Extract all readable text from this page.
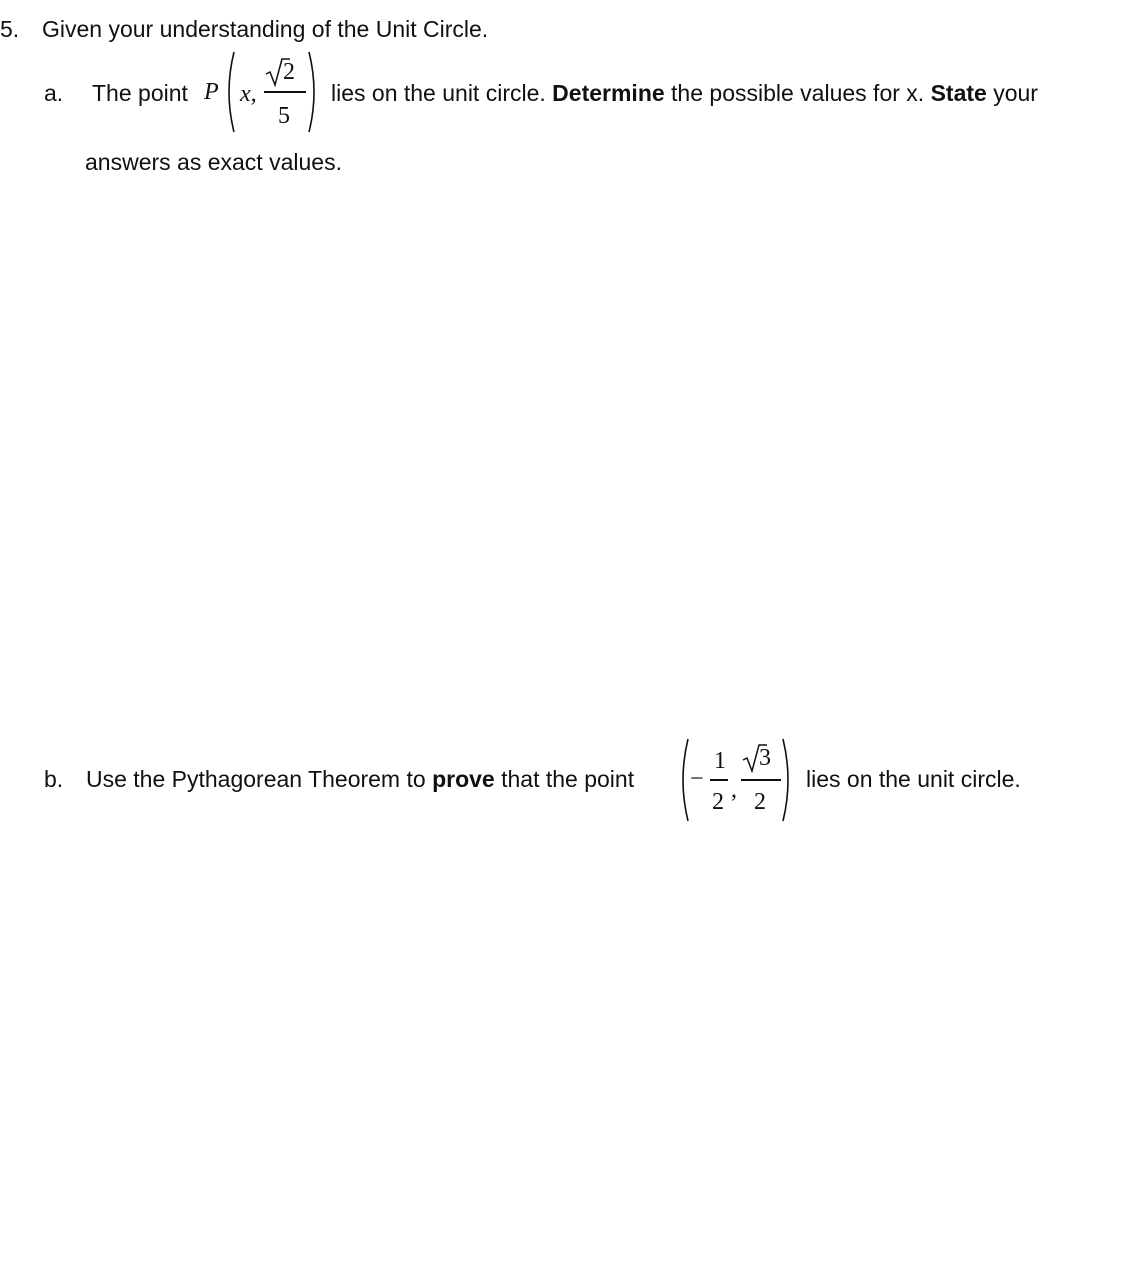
5. Given your understanding of the Unit Circle.
a. The point P x,
2
5
lies on the unit circle. Determine the possible values for x. State your
answers as exact values.
b. Use the Pythagorean Theorem to prove that the point −
1
2 ,
3
2
lies on the unit circle.
